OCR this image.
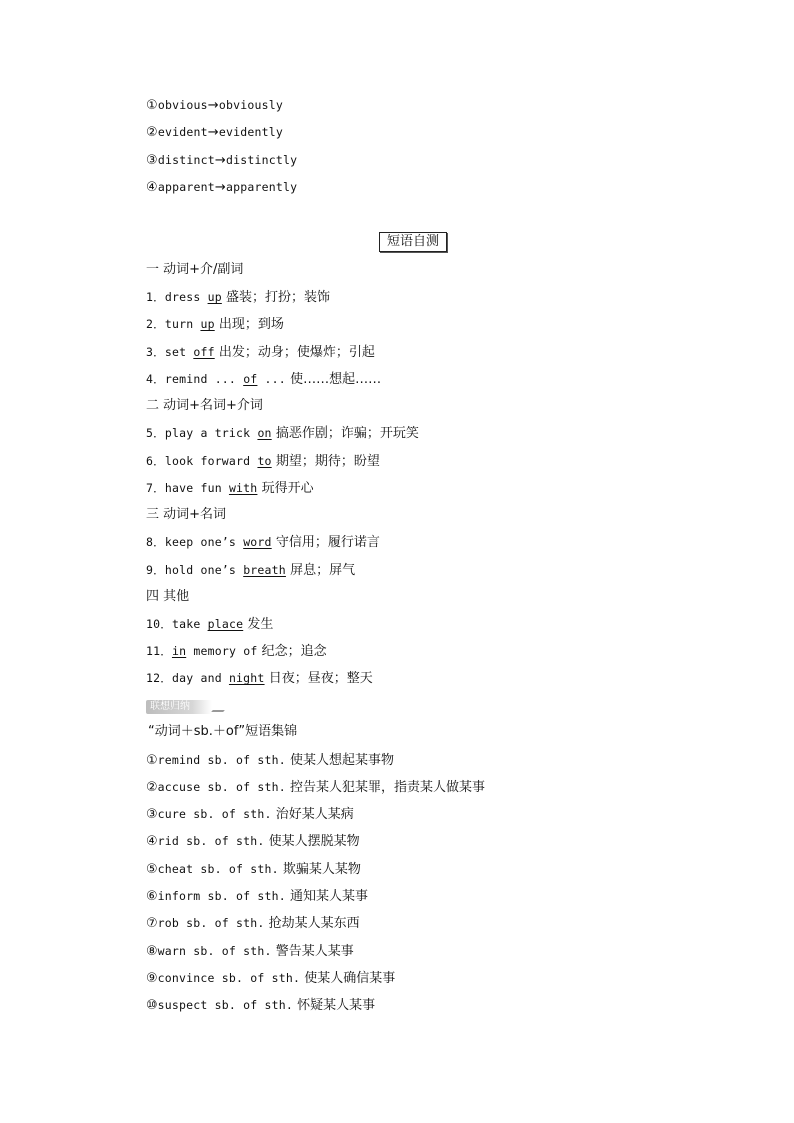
①obvious→obviously
②evident→evidently
③distinct→distinctly
④apparent→apparently
短语自测
一 动词+介/副词
1．dress up 盛装；打扮；装饰
2．turn up 出现；到场
3．set off 出发；动身；使爆炸；引起
4．remind ... of ... 使……想起……
二 动词+名词+介词
5．play a trick on 搞恶作剧；诈骗；开玩笑
6．look forward to 期望；期待；盼望
7．have fun with 玩得开心
三 动词+名词
8．keep one’s word 守信用；履行诺言
9．hold one’s breath 屏息；屏气
四 其他
10．take place 发生
11．in memory of 纪念；追念
12．day and night 日夜；昼夜；整天
联想归纳
“动词＋sb.＋of”短语集锦
①remind sb. of sth. 使某人想起某事物
②accuse sb. of sth. 控告某人犯某罪，指责某人做某事
③cure sb. of sth. 治好某人某病
④rid sb. of sth. 使某人摆脱某物
⑤cheat sb. of sth. 欺骗某人某物
⑥inform sb. of sth. 通知某人某事
⑦rob sb. of sth. 抢劫某人某东西
⑧warn sb. of sth. 警告某人某事
⑨convince sb. of sth. 使某人确信某事
⑩suspect sb. of sth. 怀疑某人某事
